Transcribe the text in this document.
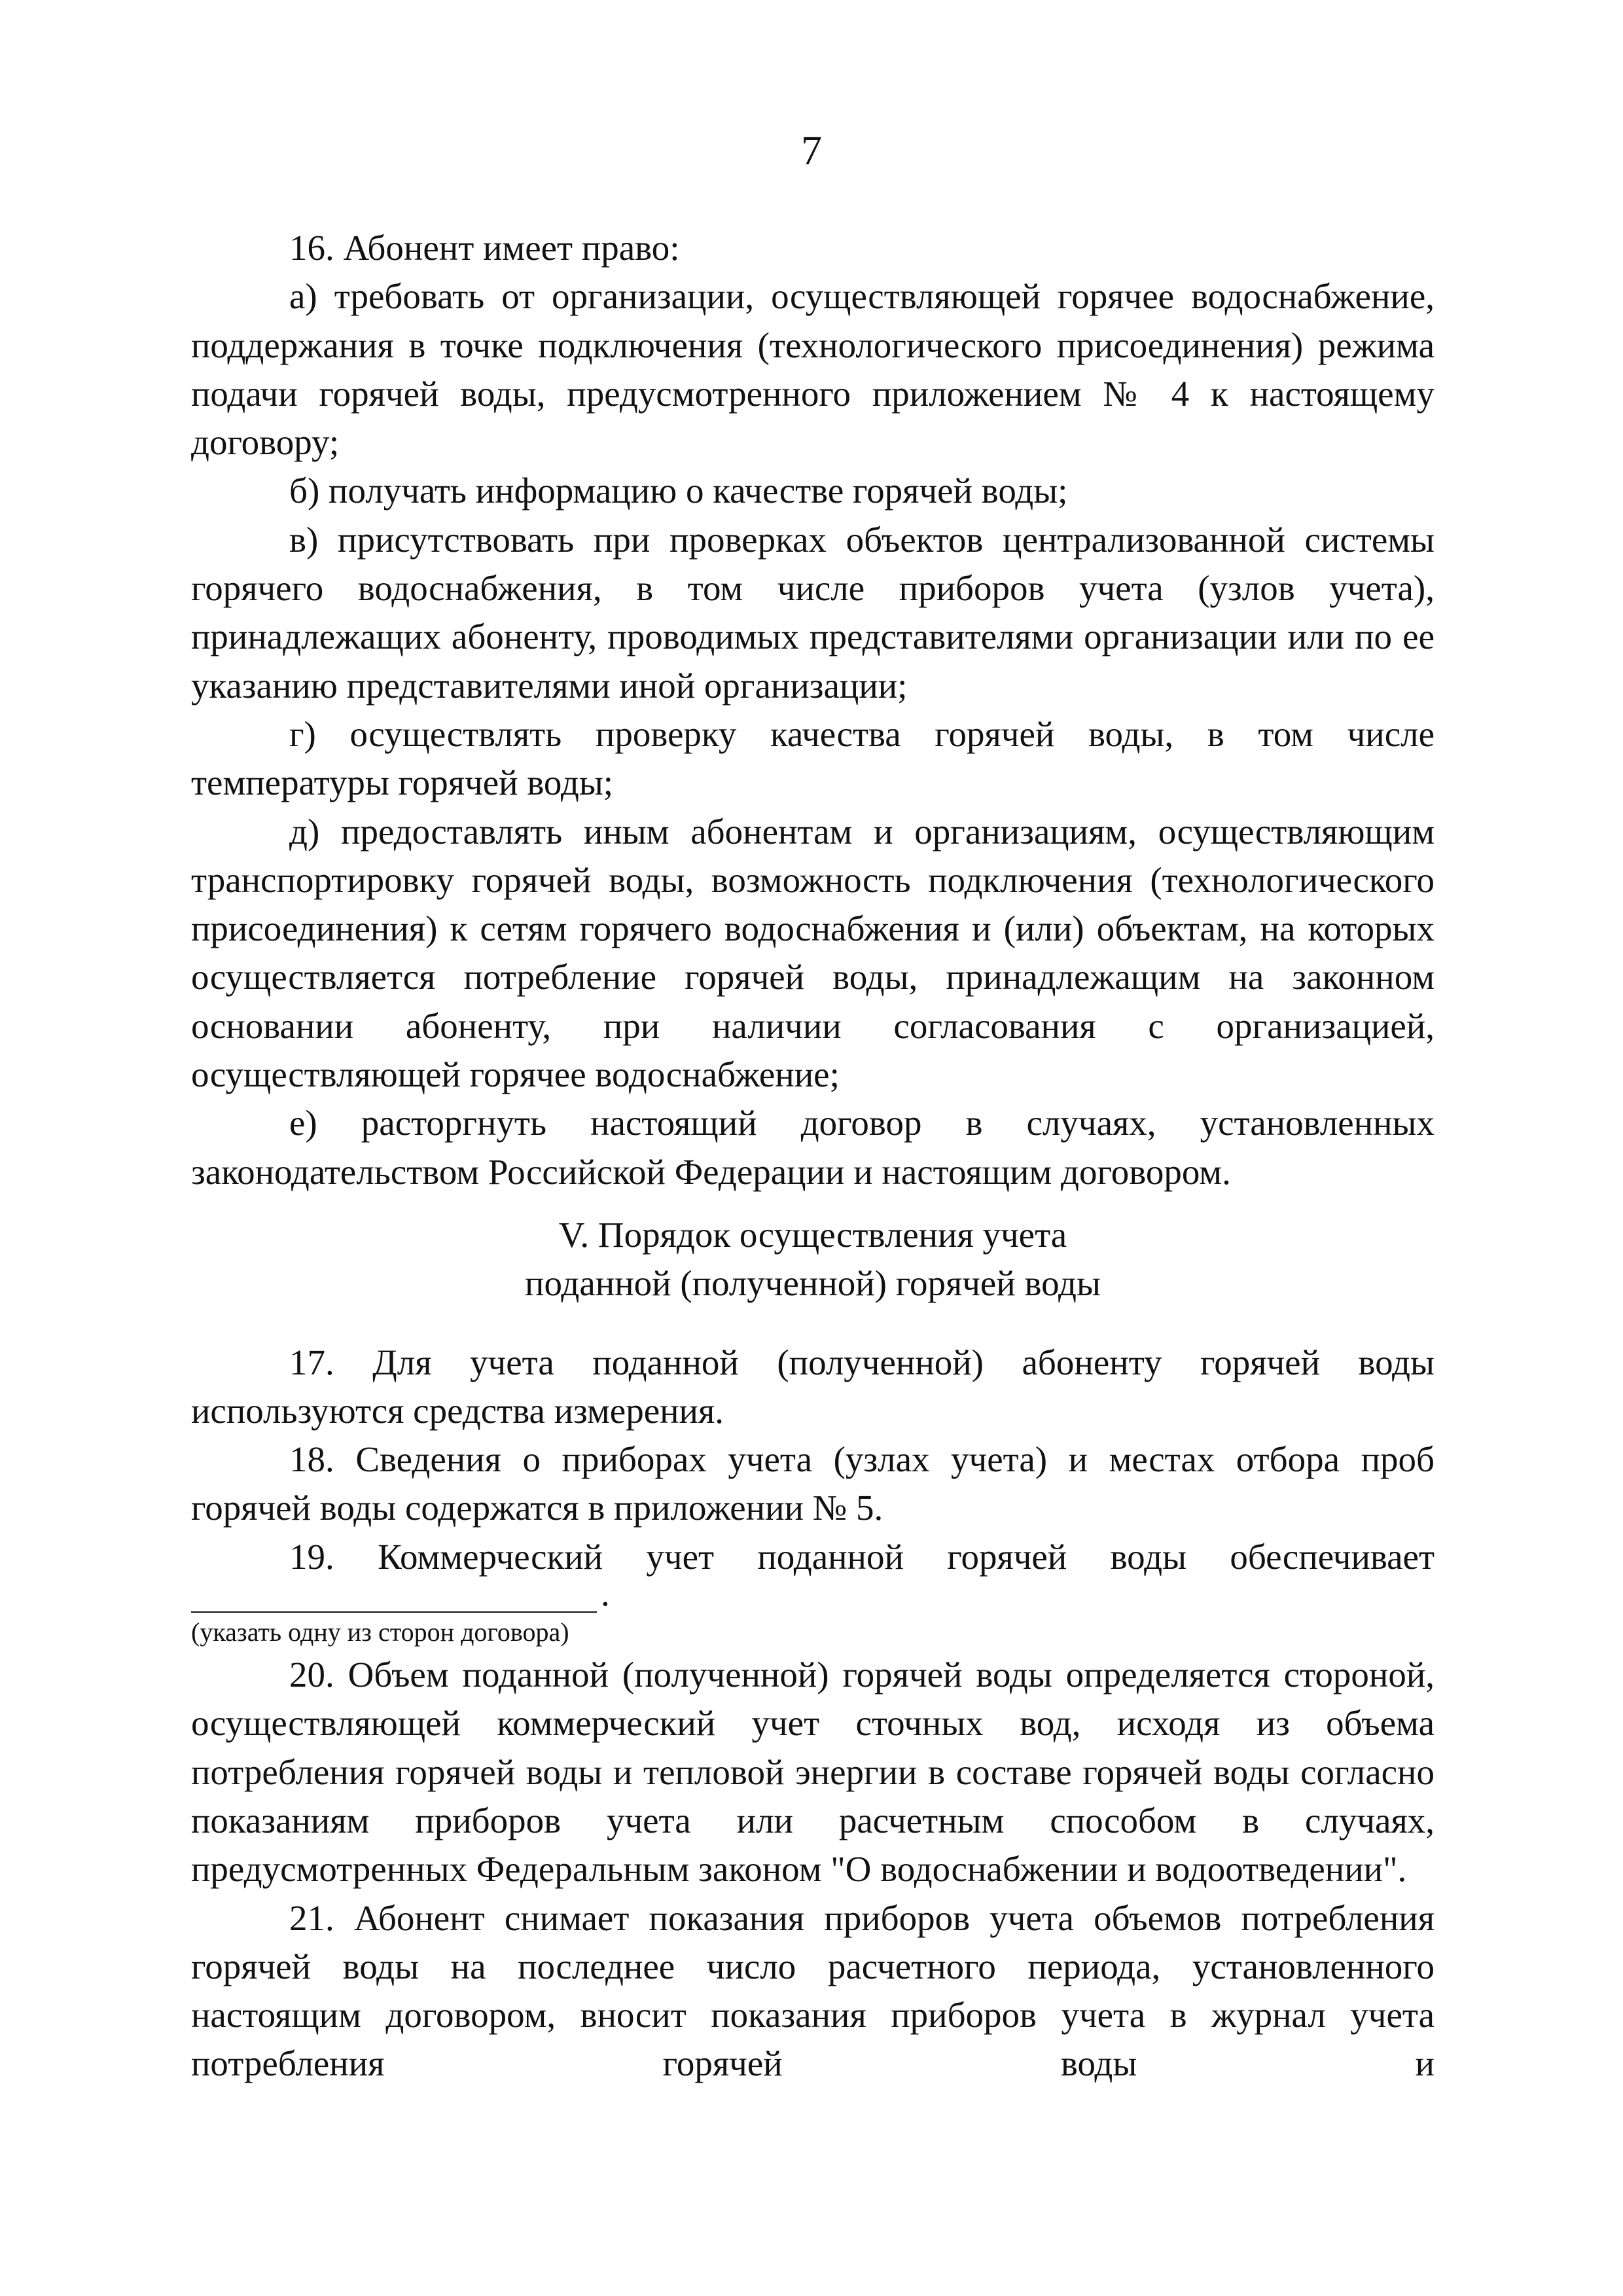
7

16. Абонент имеет право:

а) требовать от организации, осуществляющей горячее водоснабжение, поддержания в точке подключения (технологического присоединения) режима подачи горячей воды, предусмотренного приложением № 4 к настоящему договору;

б) получать информацию о качестве горячей воды;

в) присутствовать при проверках объектов централизованной системы горячего водоснабжения, в том числе приборов учета (узлов учета), принадлежащих абоненту, проводимых представителями организации или по ее указанию представителями иной организации;

г) осуществлять проверку качества горячей воды, в том числе температуры горячей воды;

д) предоставлять иным абонентам и организациям, осуществляющим транспортировку горячей воды, возможность подключения (технологического присоединения) к сетям горячего водоснабжения и (или) объектам, на которых осуществляется потребление горячей воды, принадлежащим на законном основании абоненту, при наличии согласования с организацией, осуществляющей горячее водоснабжение;

е) расторгнуть настоящий договор в случаях, установленных законодательством Российской Федерации и настоящим договором.

V. Порядок осуществления учета
поданной (полученной) горячей воды

17. Для учета поданной (полученной) абоненту горячей воды используются средства измерения.

18. Сведения о приборах учета (узлах учета) и местах отбора проб горячей воды содержатся в приложении № 5.

19. Коммерческий учет поданной горячей воды обеспечивает

.
(указать одну из сторон договора)

20. Объем поданной (полученной) горячей воды определяется стороной, осуществляющей коммерческий учет сточных вод, исходя из объема потребления горячей воды и тепловой энергии в составе горячей воды согласно показаниям приборов учета или расчетным способом в случаях, предусмотренных Федеральным законом "О водоснабжении и водоотведении".

21. Абонент снимает показания приборов учета объемов потребления горячей воды на последнее число расчетного периода, установленного настоящим договором, вносит показания приборов учета в журнал учета потребления горячей воды и
